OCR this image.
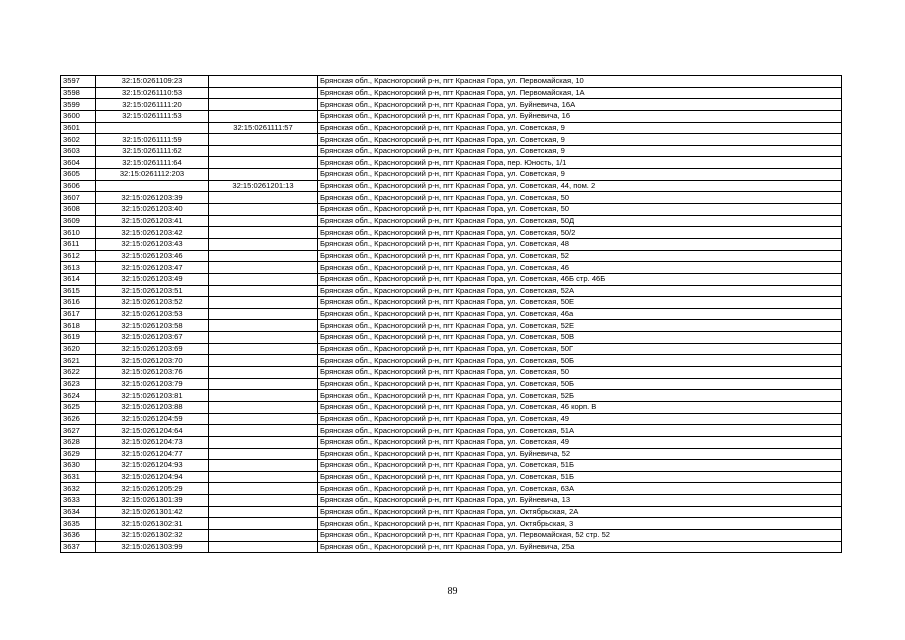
3597	32:15:0261109:23		Брянская обл., Красногорский р-н, пгт Красная Гора, ул. Первомайская, 10
3598	32:15:0261110:53		Брянская обл., Красногорский р-н, пгт Красная Гора, ул. Первомайская, 1А
3599	32:15:0261111:20		Брянская обл., Красногорский р-н, пгт Красная Гора, ул. Буйневича, 16А
3600	32:15:0261111:53		Брянская обл., Красногорский р-н, пгт Красная Гора, ул. Буйневича, 16
3601		32:15:0261111:57	Брянская обл., Красногорский р-н, пгт Красная Гора, ул. Советская, 9
3602	32:15:0261111:59		Брянская обл., Красногорский р-н, пгт Красная Гора, ул. Советская, 9
3603	32:15:0261111:62		Брянская обл., Красногорский р-н, пгт Красная Гора, ул. Советская, 9
3604	32:15:0261111:64		Брянская обл., Красногорский р-н, пгт Красная Гора, пер. Юность, 1/1
3605	32:15:0261112:203		Брянская обл., Красногорский р-н, пгт Красная Гора, ул. Советская, 9
3606		32:15:0261201:13	Брянская обл., Красногорский р-н, пгт Красная Гора, ул. Советская, 44, пом. 2
3607	32:15:0261203:39		Брянская обл., Красногорский р-н, пгт Красная Гора, ул. Советская, 50
3608	32:15:0261203:40		Брянская обл., Красногорский р-н, пгт Красная Гора, ул. Советская, 50
3609	32:15:0261203:41		Брянская обл., Красногорский р-н, пгт Красная Гора, ул. Советская, 50Д
3610	32:15:0261203:42		Брянская обл., Красногорский р-н, пгт Красная Гора, ул. Советская, 50/2
3611	32:15:0261203:43		Брянская обл., Красногорский р-н, пгт Красная Гора, ул. Советская, 48
3612	32:15:0261203:46		Брянская обл., Красногорский р-н, пгт Красная Гора, ул. Советская, 52
3613	32:15:0261203:47		Брянская обл., Красногорский р-н, пгт Красная Гора, ул. Советская, 46
3614	32:15:0261203:49		Брянская обл., Красногорский р-н, пгт Красная Гора, ул. Советская, 46Б стр. 46Б
3615	32:15:0261203:51		Брянская обл., Красногорский р-н, пгт Красная Гора, ул. Советская, 52А
3616	32:15:0261203:52		Брянская обл., Красногорский р-н, пгт Красная Гора, ул. Советская, 50Е
3617	32:15:0261203:53		Брянская обл., Красногорский р-н, пгт Красная Гора, ул. Советская, 46а
3618	32:15:0261203:58		Брянская обл., Красногорский р-н, пгт Красная Гора, ул. Советская, 52Е
3619	32:15:0261203:67		Брянская обл., Красногорский р-н, пгт Красная Гора, ул. Советская, 50В
3620	32:15:0261203:69		Брянская обл., Красногорский р-н, пгт Красная Гора, ул. Советская, 50Г
3621	32:15:0261203:70		Брянская обл., Красногорский р-н, пгт Красная Гора, ул. Советская, 50Б
3622	32:15:0261203:76		Брянская обл., Красногорский р-н, пгт Красная Гора, ул. Советская, 50
3623	32:15:0261203:79		Брянская обл., Красногорский р-н, пгт Красная Гора, ул. Советская, 50Б
3624	32:15:0261203:81		Брянская обл., Красногорский р-н, пгт Красная Гора, ул. Советская, 52Б
3625	32:15:0261203:88		Брянская обл., Красногорский р-н, пгт Красная Гора, ул. Советская, 46 корп. В
3626	32:15:0261204:59		Брянская обл., Красногорский р-н, пгт Красная Гора, ул. Советская, 49
3627	32:15:0261204:64		Брянская обл., Красногорский р-н, пгт Красная Гора, ул. Советская, 51А
3628	32:15:0261204:73		Брянская обл., Красногорский р-н, пгт Красная Гора, ул. Советская, 49
3629	32:15:0261204:77		Брянская обл., Красногорский р-н, пгт Красная Гора, ул. Буйневича, 52
3630	32:15:0261204:93		Брянская обл., Красногорский р-н, пгт Красная Гора, ул. Советская, 51Б
3631	32:15:0261204:94		Брянская обл., Красногорский р-н, пгт Красная Гора, ул. Советская, 51Б
3632	32:15:0261205:29		Брянская обл., Красногорский р-н, пгт Красная Гора, ул. Советская, 63А
3633	32:15:0261301:39		Брянская обл., Красногорский р-н, пгт Красная Гора, ул. Буйневича, 13
3634	32:15:0261301:42		Брянская обл., Красногорский р-н, пгт Красная Гора, ул. Октябрьская, 2А
3635	32:15:0261302:31		Брянская обл., Красногорский р-н, пгт Красная Гора, ул. Октябрьская, 3
3636	32:15:0261302:32		Брянская обл., Красногорский р-н, пгт Красная Гора, ул. Первомайская, 52 стр. 52
3637	32:15:0261303:99		Брянская обл., Красногорский р-н, пгт Красная Гора, ул. Буйневича, 25а
89
